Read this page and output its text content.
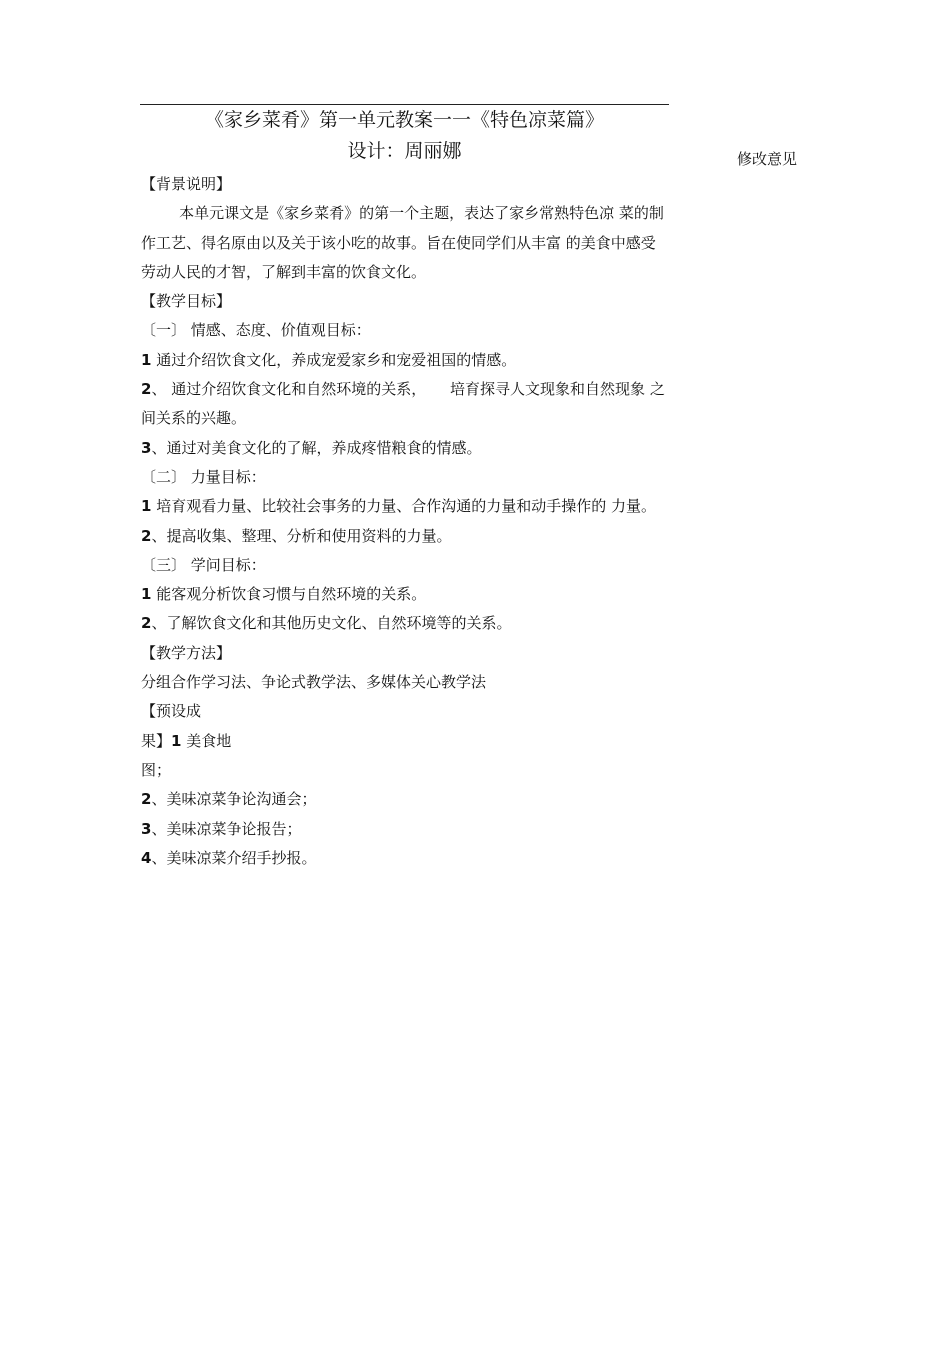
《家乡菜肴》第一单元教案一一《特色凉菜篇》
设计：周丽娜	修改意见
【背景说明】
本单元课文是《家乡菜肴》的第一个主题，表达了家乡常熟特色凉 菜的制
作工艺、得名原由以及关于该小吃的故事。旨在使同学们从丰富 的美食中感受
劳动人民的才智，了解到丰富的饮食文化。
【教学目标】
〔一〕 情感、态度、价值观目标：
1 通过介绍饮食文化，养成宠爱家乡和宠爱祖国的情感。
2、 通过介绍饮食文化和自然环境的关系，     培育探寻人文现象和自然现象 之
间关系的兴趣。
3、通过对美食文化的了解，养成疼惜粮食的情感。
〔二〕 力量目标：
1 培育观看力量、比较社会事务的力量、合作沟通的力量和动手操作的 力量。
2、提高收集、整理、分析和使用资料的力量。
〔三〕 学问目标：
1 能客观分析饮食习惯与自然环境的关系。
2、了解饮食文化和其他历史文化、自然环境等的关系。
【教学方法】
分组合作学习法、争论式教学法、多媒体关心教学法
【预设成
果】1 美食地
图；
2、美味凉菜争论沟通会；
3、美味凉菜争论报告；
4、美味凉菜介绍手抄报。
